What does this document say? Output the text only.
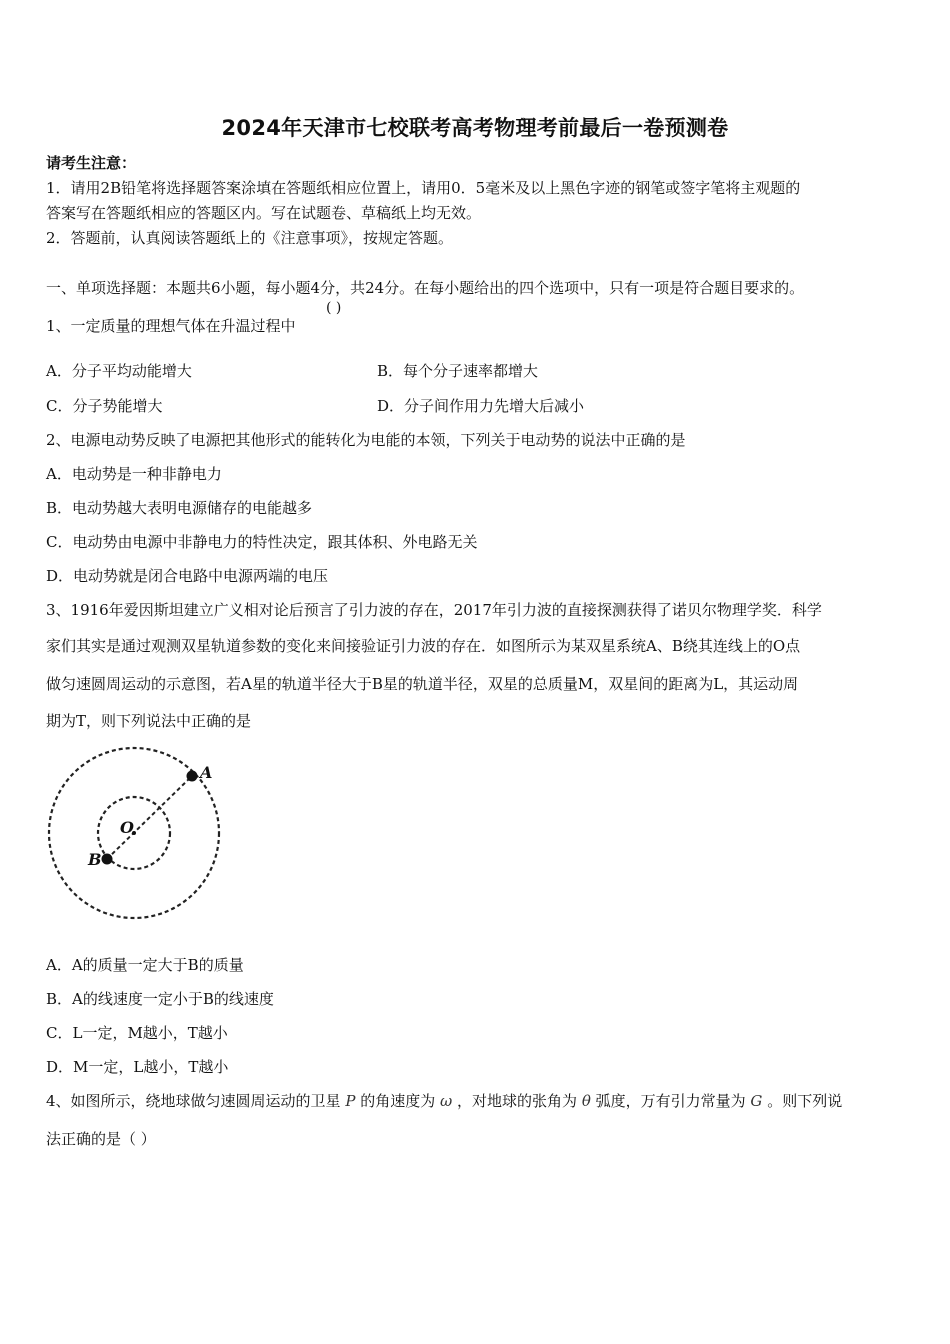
2024年天津市七校联考高考物理考前最后一卷预测卷
请考生注意：
1．请用2B铅笔将选择题答案涂填在答题纸相应位置上，请用0．5毫米及以上黑色字迹的钢笔或签字笔将主观题的
答案写在答题纸相应的答题区内。写在试题卷、草稿纸上均无效。
2．答题前，认真阅读答题纸上的《注意事项》，按规定答题。
一、单项选择题：本题共6小题，每小题4分，共24分。在每小题给出的四个选项中，只有一项是符合题目要求的。
1、一定质量的理想气体在升温过程中
( )
A．分子平均动能增大	B．每个分子速率都增大
C．分子势能增大	D．分子间作用力先增大后减小
2、电源电动势反映了电源把其他形式的能转化为电能的本领，下列关于电动势的说法中正确的是
A．电动势是一种非静电力
B．电动势越大表明电源储存的电能越多
C．电动势由电源中非静电力的特性决定，跟其体积、外电路无关
D．电动势就是闭合电路中电源两端的电压
3、1916年爱因斯坦建立广义相对论后预言了引力波的存在，2017年引力波的直接探测获得了诺贝尔物理学奖．科学
家们其实是通过观测双星轨道参数的变化来间接验证引力波的存在．如图所示为某双星系统A、B绕其连线上的O点
做匀速圆周运动的示意图，若A星的轨道半径大于B星的轨道半径，双星的总质量M，双星间的距离为L，其运动周
期为T，则下列说法中正确的是
A
B
O
A．A的质量一定大于B的质量
B．A的线速度一定小于B的线速度
C．L一定，M越小，T越小
D．M一定，L越小，T越小
4、如图所示，绕地球做匀速圆周运动的卫星 P 的角速度为 ω ，对地球的张角为 θ 弧度，万有引力常量为 G 。则下列说
法正确的是（ ）
